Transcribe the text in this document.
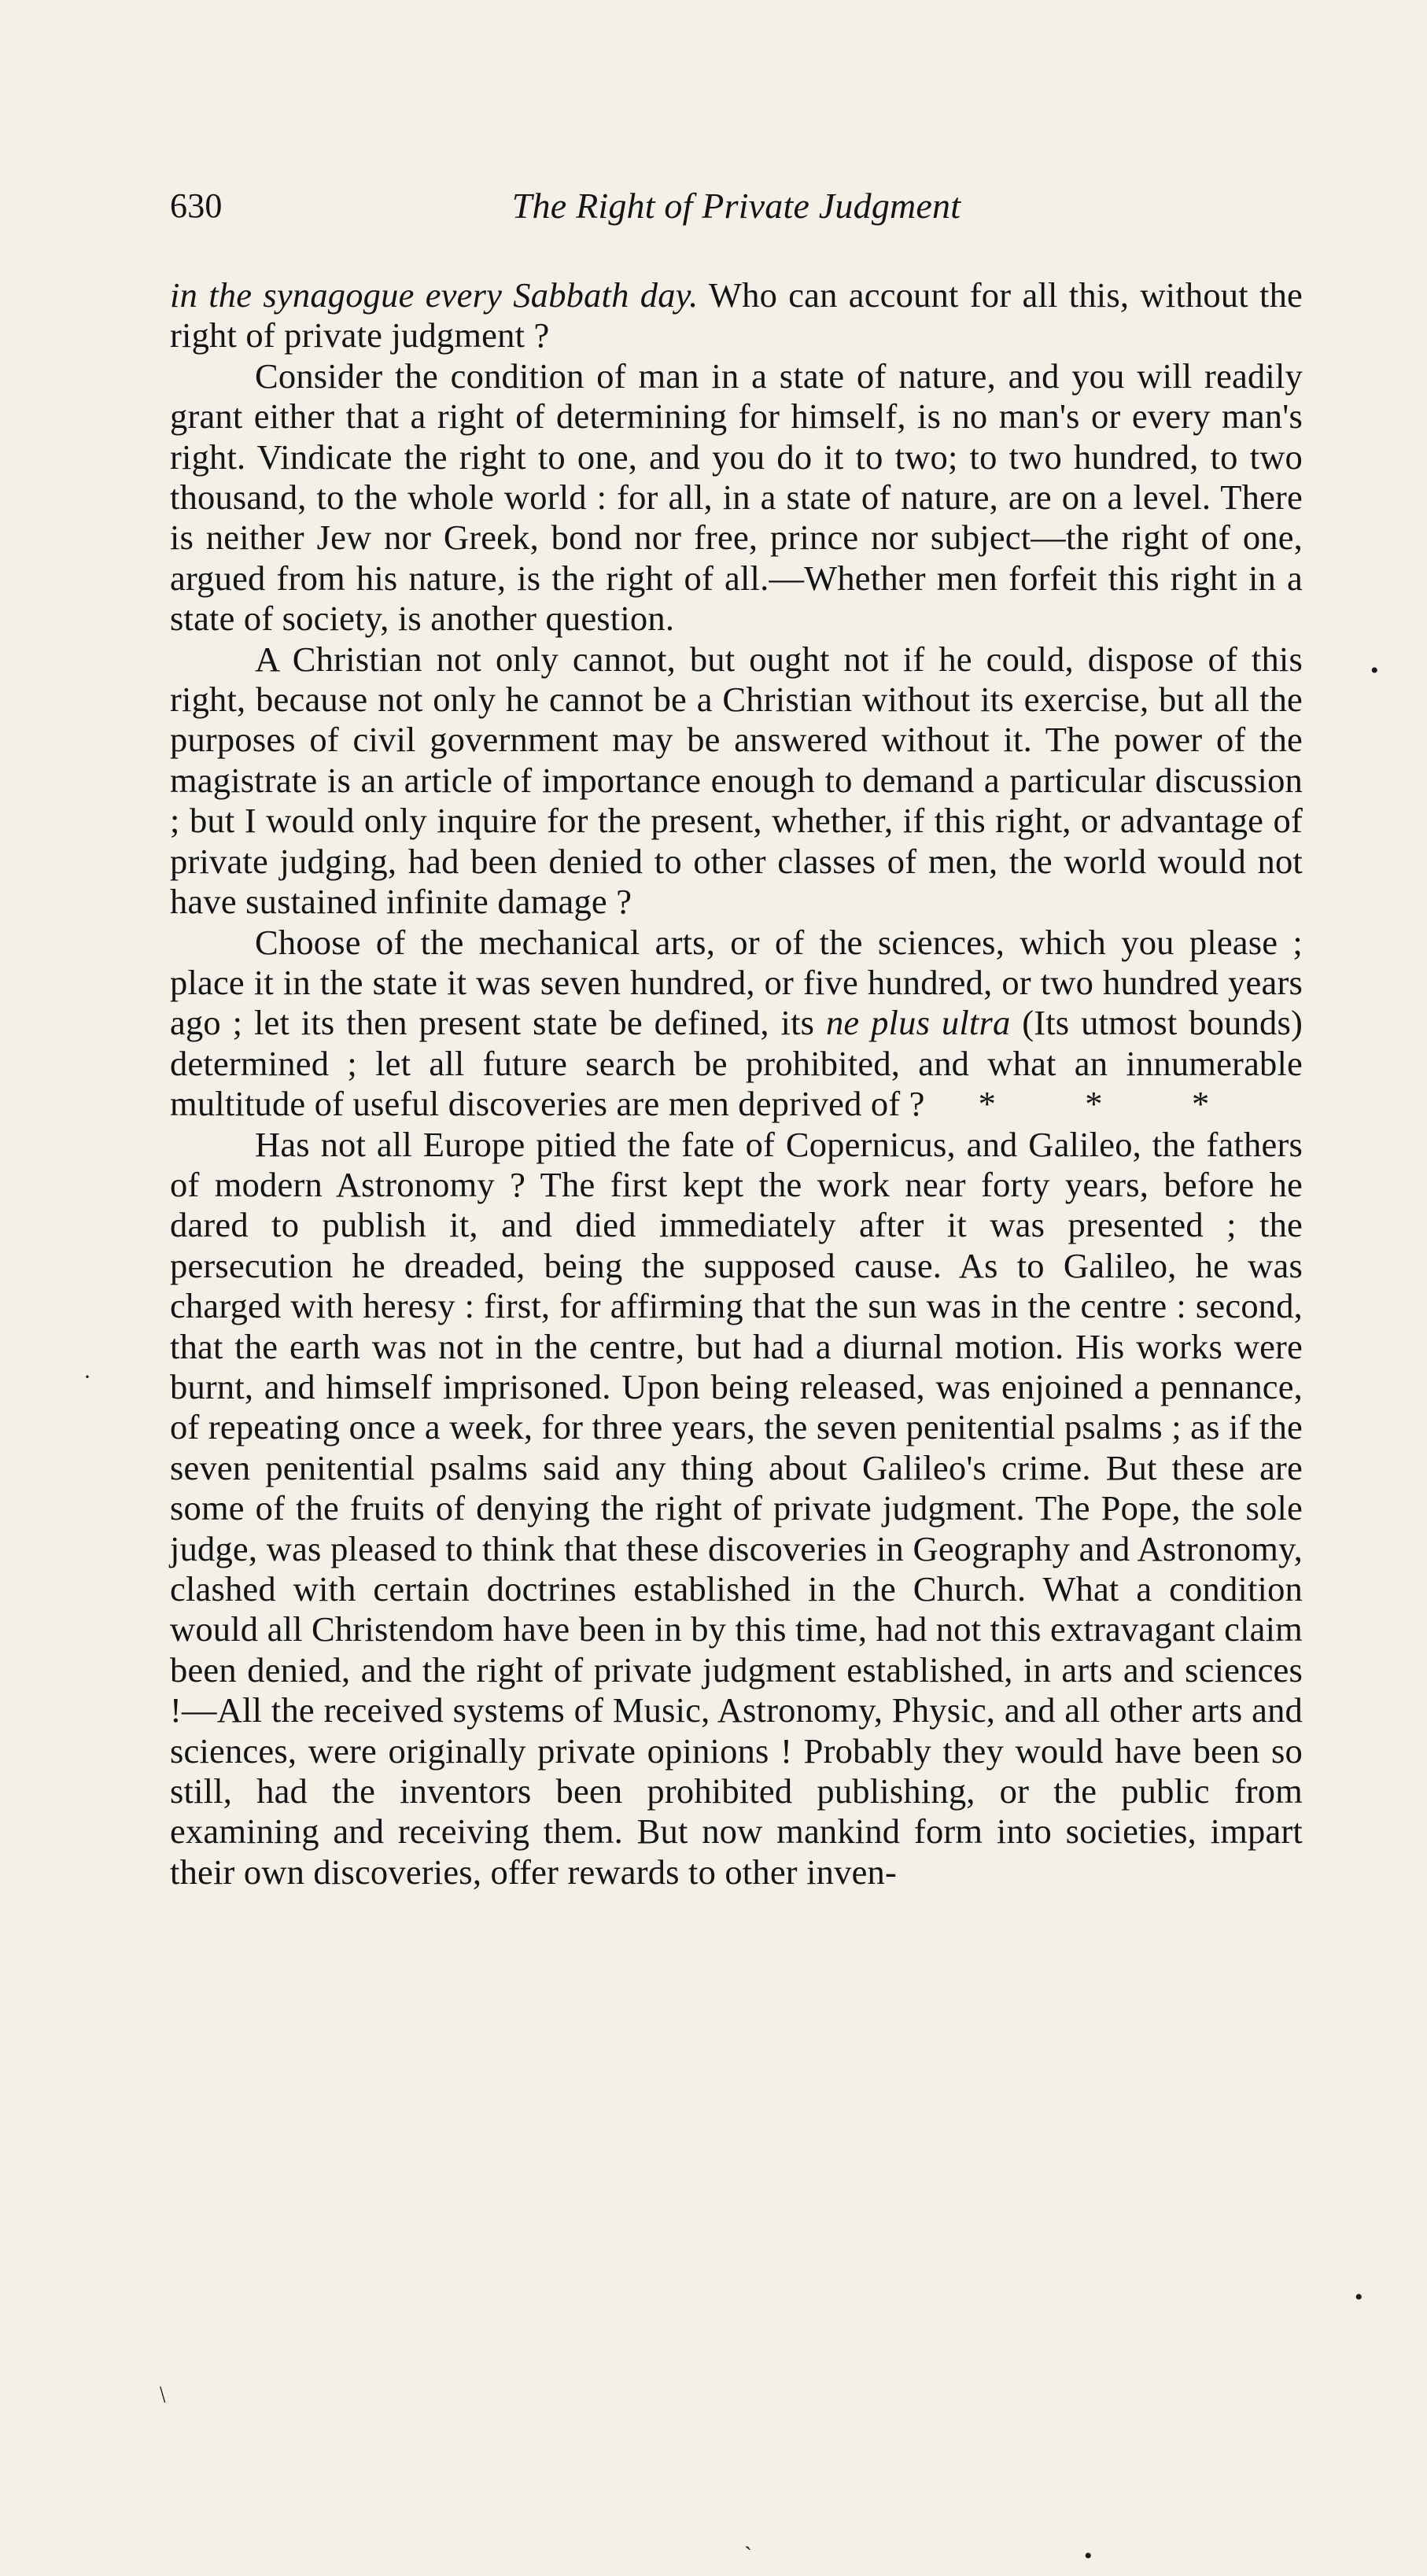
630	The Right of Private Judgment

in the synagogue every Sabbath day. Who can account for all this, without the right of private judgment ?

Consider the condition of man in a state of nature, and you will readily grant either that a right of determining for himself, is no man's or every man's right. Vindicate the right to one, and you do it to two; to two hundred, to two thousand, to the whole world : for all, in a state of nature, are on a level. There is neither Jew nor Greek, bond nor free, prince nor subject—the right of one, argued from his nature, is the right of all.—Whether men forfeit this right in a state of society, is another question.

A Christian not only cannot, but ought not if he could, dispose of this right, because not only he cannot be a Christian without its exercise, but all the purposes of civil government may be answered without it. The power of the magistrate is an article of importance enough to demand a particular discussion ; but I would only inquire for the present, whether, if this right, or advantage of private judging, had been denied to other classes of men, the world would not have sustained infinite damage ?

Choose of the mechanical arts, or of the sciences, which you please ; place it in the state it was seven hundred, or five hundred, or two hundred years ago ; let its then present state be defined, its ne plus ultra (Its utmost bounds) determined ; let all future search be prohibited, and what an innumerable multitude of useful discoveries are men deprived of ? *          *          *

Has not all Europe pitied the fate of Copernicus, and Galileo, the fathers of modern Astronomy ? The first kept the work near forty years, before he dared to publish it, and died immediately after it was presented ; the persecution he dreaded, being the supposed cause. As to Galileo, he was charged with heresy : first, for affirming that the sun was in the centre : second, that the earth was not in the centre, but had a diurnal motion. His works were burnt, and himself imprisoned. Upon being released, was enjoined a pennance, of repeating once a week, for three years, the seven penitential psalms ; as if the seven penitential psalms said any thing about Galileo's crime. But these are some of the fruits of denying the right of private judgment. The Pope, the sole judge, was pleased to think that these discoveries in Geography and Astronomy, clashed with certain doctrines established in the Church. What a condition would all Christendom have been in by this time, had not this extravagant claim been denied, and the right of private judgment established, in arts and sciences !—All the received systems of Music, Astronomy, Physic, and all other arts and sciences, were originally private opinions ! Probably they would have been so still, had the inventors been prohibited publishing, or the public from examining and receiving them. But now mankind form into societies, impart their own discoveries, offer rewards to other inven-

•
·
•
/
ˋ	•
